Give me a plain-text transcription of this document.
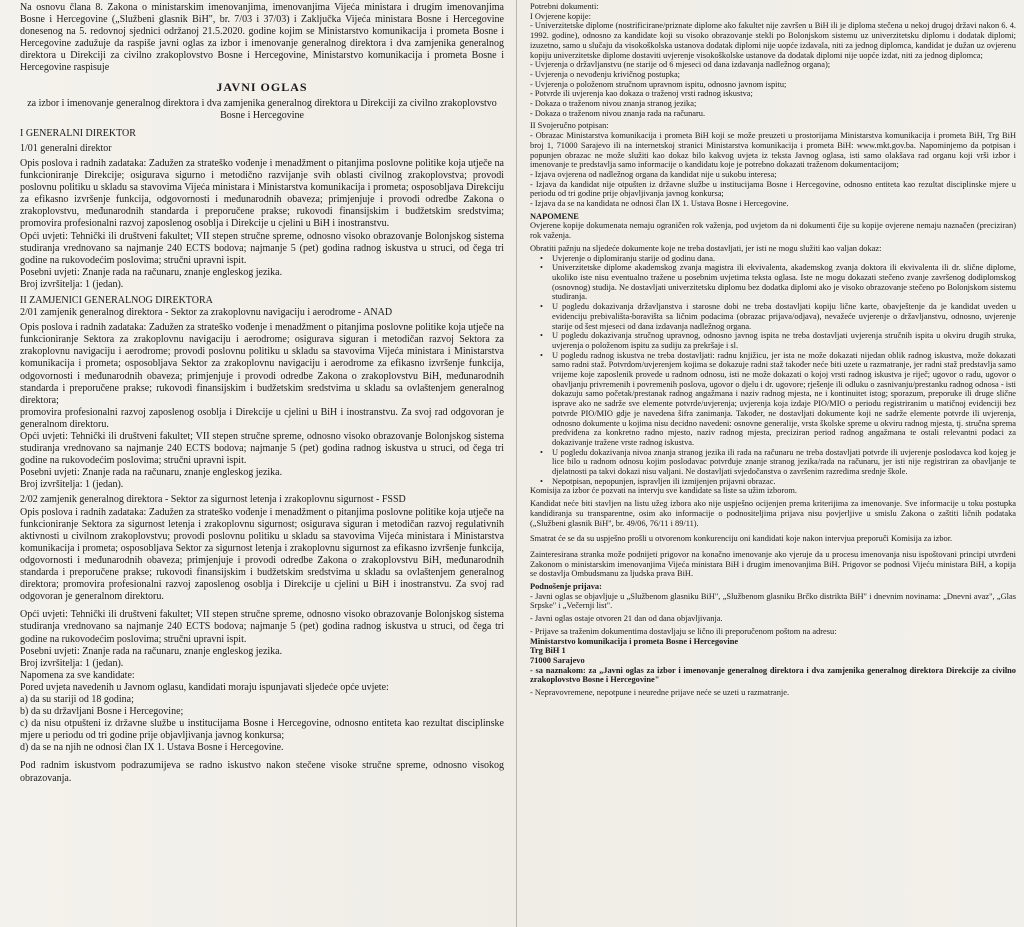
Na osnovu člana 8. Zakona o ministarskim imenovanjima, imenovanjima Vijeća ministara i drugim imenovanjima Bosne i Hercegovine („Službeni glasnik BiH", br. 7/03 i 37/03) i Zaključka Vijeća ministara Bosne i Hercegovine donesenog na 5. redovnoj sjednici održanoj 21.5.2020. godine kojim se Ministarstvo komunikacija i prometa Bosne i Hercegovine zadužuje da raspiše javni oglas za izbor i imenovanje generalnog direktora i dva zamjenika generalnog direktora u Direkciji za civilno zrakoplovstvo Bosne i Hercegovine, Ministarstvo komunikacija i prometa Bosne i Hercegovine raspisuje

JAVNI OGLAS

za izbor i imenovanje generalnog direktora i dva zamjenika generalnog direktora u Direkciji za civilno zrakoplovstvo Bosne i Hercegovine

I GENERALNI DIREKTOR

1/01 generalni direktor

Opis poslova i radnih zadataka: Zadužen za strateško vođenje i menadžment o pitanjima poslovne politike koja utječe na funkcioniranje Direkcije; osigurava sigurno i metodično razvijanje svih oblasti civilnog zrakoplovstva; provodi poslovnu politiku u skladu sa stavovima Vijeća ministara i Ministarstva komunikacija i prometa; osposobljava Direkciju za efikasno izvršenje funkcija, odgovornosti i međunarodnih obaveza; primjenjuje i provodi odredbe Zakona o zrakoplovstvu, međunarodnih standarda i preporučene prakse; rukovodi finansijskim i budžetskim sredstvima; promovira profesionalni razvoj zaposlenog osoblja i Direkcije u cjelini u BiH i inostranstvu.

Opći uvjeti: Tehnički ili društveni fakultet; VII stepen stručne spreme, odnosno visoko obrazovanje Bolonjskog sistema studiranja vrednovano sa najmanje 240 ECTS bodova; najmanje 5 (pet) godina radnog iskustva u struci, od čega tri godine na rukovodećim poslovima; stručni upravni ispit.

Posebni uvjeti: Znanje rada na računaru, znanje engleskog jezika.

Broj izvršitelja: 1 (jedan).

II ZAMJENICI GENERALNOG DIREKTORA

2/01 zamjenik generalnog direktora - Sektor za zrakoplovnu navigaciju i aerodrome - ANAD

Opis poslova i radnih zadataka: Zadužen za strateško vođenje i menadžment o pitanjima poslovne politike koja utječe na funkcioniranje Sektora za zrakoplovnu navigaciju i aerodrome; osigurava siguran i metodičan razvoj Sektora za zrakoplovnu navigaciju i aerodrome; provodi poslovnu politiku u skladu sa stavovima Vijeća ministara i Ministarstva komunikacija i prometa; osposobljava Sektor za zrakoplovnu navigaciju i aerodrome za efikasno izvršenje funkcija, odgovornosti i međunarodnih obaveza; primjenjuje i provodi odredbe Zakona o zrakoplovstvu BiH, međunarodnih standarda i preporučene prakse; rukovodi finansijskim i budžetskim sredstvima u skladu sa ovlaštenjem generalnog direktora;

promovira profesionalni razvoj zaposlenog osoblja i Direkcije u cjelini u BiH i inostranstvu. Za svoj rad odgovoran je generalnom direktoru.

Opći uvjeti: Tehnički ili društveni fakultet; VII stepen stručne spreme, odnosno visoko obrazovanje Bolonjskog sistema studiranja vrednovano sa najmanje 240 ECTS bodova; najmanje 5 (pet) godina radnog iskustva u struci, od čega tri godine na rukovodećim poslovima; stručni upravni ispit.

Posebni uvjeti: Znanje rada na računaru, znanje engleskog jezika.

Broj izvršitelja: 1 (jedan).

2/02 zamjenik generalnog direktora - Sektor za sigurnost letenja i zrakoplovnu sigurnost - FSSD

Opis poslova i radnih zadataka: Zadužen za strateško vođenje i menadžment o pitanjima poslovne politike koja utječe na funkcioniranje Sektora za sigurnost letenja i zrakoplovnu sigurnost; osigurava siguran i metodičan razvoj regulativnih aktivnosti u civilnom zrakoplovstvu; provodi poslovnu politiku u skladu sa stavovima Vijeća ministara i Ministarstva komunikacija i prometa; osposobljava Sektor za sigurnost letenja i zrakoplovnu sigurnost za efikasno izvršenje funkcija, odgovornosti i međunarodnih obaveza; primjenjuje i provodi odredbe Zakona o zrakoplovstvu BiH, međunarodnih standarda i preporučene prakse; rukovodi finansijskim i budžetskim sredstvima u skladu sa ovlaštenjem generalnog direktora; promovira profesionalni razvoj zaposlenog osoblja i Direkcije u cjelini u BiH i inostranstvu. Za svoj rad odgovoran je generalnom direktoru.

Opći uvjeti: Tehnički ili društveni fakultet; VII stepen stručne spreme, odnosno visoko obrazovanje Bolonjskog sistema studiranja vrednovano sa najmanje 240 ECTS bodova; najmanje 5 (pet) godina radnog iskustva u struci, od čega tri godine na rukovodećim poslovima; stručni upravni ispit.

Posebni uvjeti: Znanje rada na računaru, znanje engleskog jezika.

Broj izvršitelja: 1 (jedan).

Napomena za sve kandidate:

Pored uvjeta navedenih u Javnom oglasu, kandidati moraju ispunjavati sljedeće opće uvjete:

a) da su stariji od 18 godina;

b) da su državljani Bosne i Hercegovine;

c) da nisu otpušteni iz državne službe u institucijama Bosne i Hercegovine, odnosno entiteta kao rezultat disciplinske mjere u periodu od tri godine prije objavljivanja javnog konkursa;

d) da se na njih ne odnosi član IX 1. Ustava Bosne i Hercegovine.

Pod radnim iskustvom podrazumijeva se radno iskustvo nakon stečene visoke stručne spreme, odnosno visokog obrazovanja.

Potrebni dokumenti:

I Ovjerene kopije:

- Univerzitetske diplome (nostrificirane/priznate diplome ako fakultet nije završen u BiH ili je diploma stečena u nekoj drugoj državi nakon 6. 4. 1992. godine), odnosno za kandidate koji su visoko obrazovanje stekli po Bolonjskom sistemu uz univerzitetsku diplomu i dodatak diplomi; izuzetno, samo u slučaju da visokoškolska ustanova dodatak diplomi nije uopće izdavala, niti za jednog diplomca, kandidat je dužan uz ovjerenu kopiju univerzitetske diplome dostaviti uvjerenje visokoškolske ustanove da dodatak diplomi nije uopće izdat, niti za jednog diplomca;

- Uvjerenja o državljanstvu (ne starije od 6 mjeseci od dana izdavanja nadležnog organa);

- Uvjerenja o nevođenju krivičnog postupka;

- Uvjerenja o položenom stručnom upravnom ispitu, odnosno javnom ispitu;

- Potvrde ili uvjerenja kao dokaza o traženoj vrsti radnog iskustva;

- Dokaza o traženom nivou znanja stranog jezika;

- Dokaza o traženom nivou znanja rada na računaru.

II Svojeručno potpisan:

- Obrazac Ministarstva komunikacija i prometa BiH koji se može preuzeti u prostorijama Ministarstva komunikacija i prometa BiH, Trg BiH broj 1, 71000 Sarajevo ili na internetskoj stranici Ministarstva komunikacija i prometa BiH: www.mkt.gov.ba. Napominjemo da potpisan i popunjen obrazac ne može služiti kao dokaz bilo kakvog uvjeta iz teksta Javnog oglasa, isti samo olakšava rad organu koji vrši izbor i imenovanje te predstavlja samo informacije o kandidatu koje je potrebno dokazati traženom dokumentacijom;

- Izjava ovjerena od nadležnog organa da kandidat nije u sukobu interesa;

- Izjava da kandidat nije otpušten iz državne službe u institucijama Bosne i Hercegovine, odnosno entiteta kao rezultat disciplinske mjere u periodu od tri godine prije objavljivanja javnog konkursa;

- Izjava da se na kandidata ne odnosi član IX 1. Ustava Bosne i Hercegovine.

NAPOMENE

Ovjerene kopije dokumenata nemaju ograničen rok važenja, pod uvjetom da ni dokumenti čije su kopije ovjerene nemaju naznačen (preciziran) rok važenja.

Obratiti pažnju na sljedeće dokumente koje ne treba dostavljati, jer isti ne mogu služiti kao valjan dokaz:

• Uvjerenje o diplomiranju starije od godinu dana.
• Univerzitetske diplome akademskog zvanja magistra ili ekvivalenta, akademskog zvanja doktora ili ekvivalenta ili dr. slične diplome, ukoliko iste nisu eventualno tražene u posebnim uvjetima teksta oglasa. Iste ne mogu dokazati stečeno zvanje završenog dodiplomskog (osnovnog) studija. Ne dostavljati univerzitetsku diplomu bez dodatka diplomi ako je visoko obrazovanje stečeno po Bolonjskom sistemu studiranja.
• U pogledu dokazivanja državljanstva i starosne dobi ne treba dostavljati kopiju lične karte, obavještenje da je kandidat uveden u evidenciju prebivališta-boravišta sa ličnim podacima (obrazac prijava/odjava), nevažeće uvjerenje o državljanstvu, odnosno, uvjerenje starije od šest mjeseci od dana izdavanja nadležnog organa.
• U pogledu dokazivanja stručnog upravnog, odnosno javnog ispita ne treba dostavljati uvjerenja stručnih ispita u okviru drugih struka, uvjerenja o položenom ispitu za sudiju za prekršaje i sl.
• U pogledu radnog iskustva ne treba dostavljati: radnu knjižicu, jer ista ne može dokazati nijedan oblik radnog iskustva, može dokazati samo radni staž. Potvrdom/uvjerenjem kojima se dokazuje radni staž također neće biti uzete u razmatranje, jer radni staž predstavlja samo vrijeme koje zaposlenik provede u radnom odnosu, isti ne može dokazati o kojoj vrsti radnog iskustva je riječ; ugovor o radu, ugovor o obavljanju privremenih i povremenih poslova, ugovor o djelu i dr. ugovore; rješenje ili odluku o zasnivanju/prestanku radnog odnosa - isti dokazuju samo početak/prestanak radnog angažmana i naziv radnog mjesta, ne i kontinuitet istog; sporazum, preporuke ili druge slične isprave ako ne sadrže sve elemente potvrde/uvjerenja; uvjerenja koja izdaje PIO/MIO o periodu registriranim u matičnoj evidenciji bez potvrde PIO/MIO gdje je navedena šifra zanimanja. Također, ne dostavljati dokumente koji ne sadrže elemente potvrde ili uvjerenja, odnosno dokumente u kojima nisu decidno navedeni: osnovne generalije, vrsta školske spreme u okviru radnog mjesta, tj. stručna sprema predviđena za konkretno radno mjesto, naziv radnog mjesta, preciziran period radnog angažmana te ostali relevantni podaci za dokazivanje tražene vrste radnog iskustva.
• U pogledu dokazivanja nivoa znanja stranog jezika ili rada na računaru ne treba dostavljati potvrde ili uvjerenje poslodavca kod kojeg je lice bilo u radnom odnosu kojim poslodavac potvrđuje znanje stranog jezika/rada na računaru, jer isti nije registriran za obavljanje te djelatnosti pa takvi dokazi nisu valjani. Ne dostavljati svjedočanstva o završenim razredima srednje škole.
• Nepotpisan, nepopunjen, ispravljen ili izmijenjen prijavni obrazac.

Komisija za izbor će pozvati na intervju sve kandidate sa liste sa užim izborom.

Kandidat neće biti stavljen na listu užeg izbora ako nije uspješno ocijenjen prema kriterijima za imenovanje. Sve informacije u toku postupka kandidiranja su transparentne, osim ako informacije o podnositeljima prijava nisu povjerljive u smislu Zakona o zaštiti ličnih podataka („Službeni glasnik BiH", br. 49/06, 76/11 i 89/11).

Smatrat će se da su uspješno prošli u otvorenom konkurenciju oni kandidati koje nakon intervjua preporuči Komisija za izbor.

Zainteresirana stranka može podnijeti prigovor na konačno imenovanje ako vjeruje da u procesu imenovanja nisu ispoštovani principi utvrđeni Zakonom o ministarskim imenovanjima Vijeća ministara BiH i drugim imenovanjima BiH. Prigovor se podnosi Vijeću ministara BiH, a kopija se dostavlja Ombudsmanu za ljudska prava BiH.

Podnošenje prijava:

- Javni oglas se objavljuje u „Službenom glasniku BiH", „Službenom glasniku Brčko distrikta BiH" i dnevnim novinama: „Dnevni avaz", „Glas Srpske" i „Večernji list".

- Javni oglas ostaje otvoren 21 dan od dana objavljivanja.

- Prijave sa traženim dokumentima dostavljaju se lično ili preporučenom poštom na adresu:

Ministarstvo komunikacija i prometa Bosne i Hercegovine

Trg BiH 1

71000 Sarajevo

- sa naznakom: za „Javni oglas za izbor i imenovanje generalnog direktora i dva zamjenika generalnog direktora Direkcije za civilno zrakoplovstvo Bosne i Hercegovine"

- Nepravovremene, nepotpune i neuredne prijave neće se uzeti u razmatranje.
